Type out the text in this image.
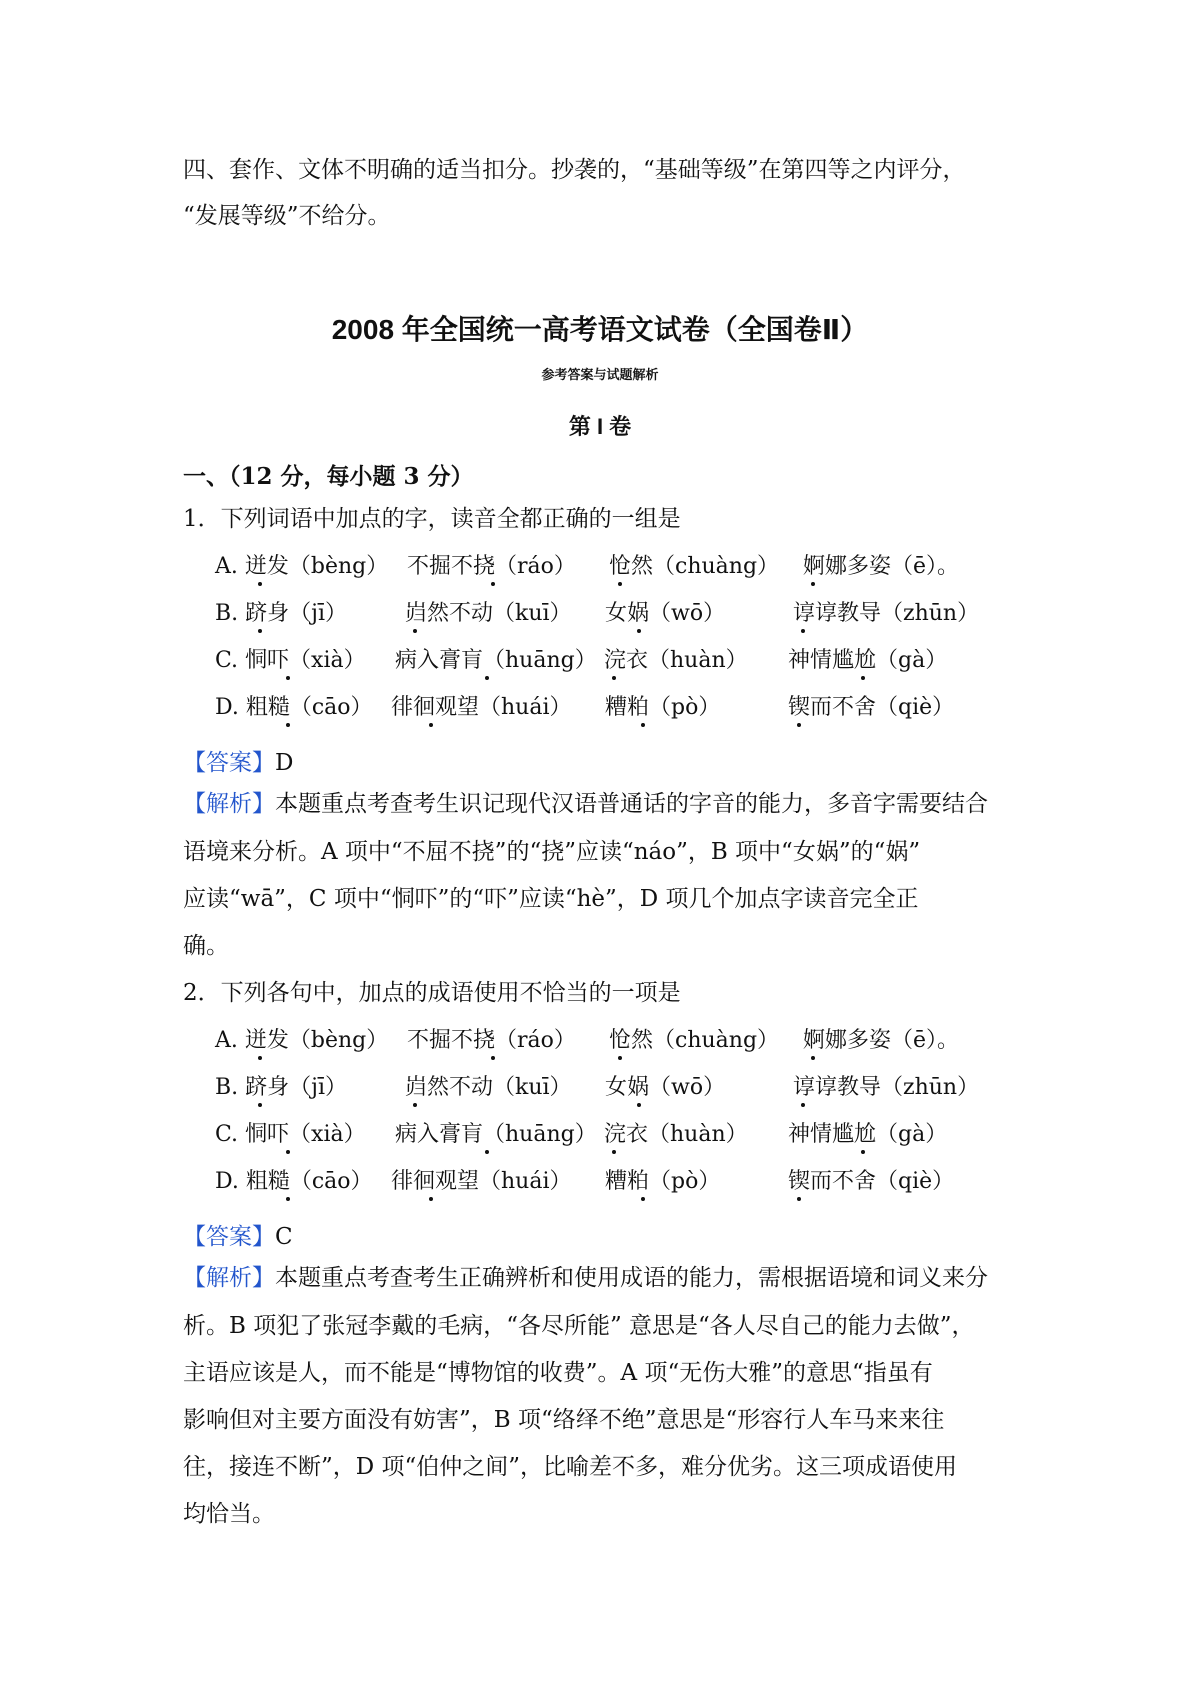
四、套作、文体不明确的适当扣分。抄袭的，“基础等级”在第四等之内评分，
“发展等级”不给分。
2008 年全国统一高考语文试卷（全国卷Ⅱ）
参考答案与试题解析
第 I 卷
一、（12 分，每小题 3 分）
1．下列词语中加点的字，读音全都正确的一组是
A. 迸发（bèng） 不掘不挠（ráo） 怆然（chuàng） 婀娜多姿（ē）。
B. 跻身（jī）	岿然不动（kuī） 女娲（wō）	谆谆教导（zhūn）
C. 恫吓（xià） 病入膏肓（huāng） 浣衣（huàn） 神情尴尬（gà）
D. 粗糙（cāo） 徘徊观望（huái） 糟粕（pò）	锲而不舍（qiè）
【答案】D
【解析】本题重点考查考生识记现代汉语普通话的字音的能力，多音字需要结合
语境来分析。A 项中“不屈不挠”的“挠”应读“náo”，B 项中“女娲”的“娲”
应读“wā”，C 项中“恫吓”的“吓”应读“hè”，D 项几个加点字读音完全正
确。
2．下列各句中，加点的成语使用不恰当的一项是
A. 迸发（bèng） 不掘不挠（ráo） 怆然（chuàng） 婀娜多姿（ē）。
B. 跻身（jī）	岿然不动（kuī） 女娲（wō）	谆谆教导（zhūn）
C. 恫吓（xià） 病入膏肓（huāng） 浣衣（huàn） 神情尴尬（gà）
D. 粗糙（cāo） 徘徊观望（huái） 糟粕（pò）	锲而不舍（qiè）
【答案】C
【解析】本题重点考查考生正确辨析和使用成语的能力，需根据语境和词义来分
析。B 项犯了张冠李戴的毛病，“各尽所能” 意思是“各人尽自己的能力去做”，
主语应该是人，而不能是“博物馆的收费”。A 项“无伤大雅”的意思“指虽有
影响但对主要方面没有妨害”，B 项“络绎不绝”意思是“形容行人车马来来往
往，接连不断”，D 项“伯仲之间”，比喻差不多，难分优劣。这三项成语使用
均恰当。
